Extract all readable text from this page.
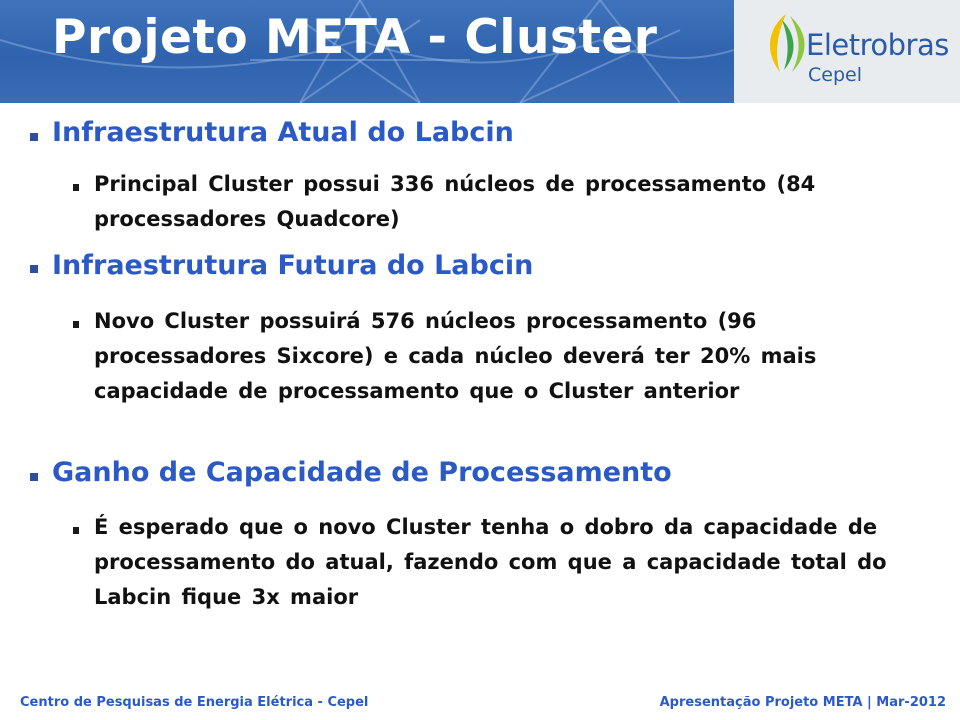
Projeto META - Cluster	Eletrobras
Cepel
Infraestrutura Atual do Labcin
Principal Cluster possui 336 núcleos de processamento (84 processadores Quadcore)
Infraestrutura Futura do Labcin
Novo Cluster possuirá 576 núcleos processamento (96 processadores Sixcore) e cada núcleo deverá ter 20% mais capacidade de processamento que o Cluster anterior
Ganho de Capacidade de Processamento
É esperado que o novo Cluster tenha o dobro da capacidade de processamento do atual, fazendo com que a capacidade total do Labcin fique 3x maior
Centro de Pesquisas de Energia Elétrica - Cepel	Apresentação Projeto META | Mar-2012
